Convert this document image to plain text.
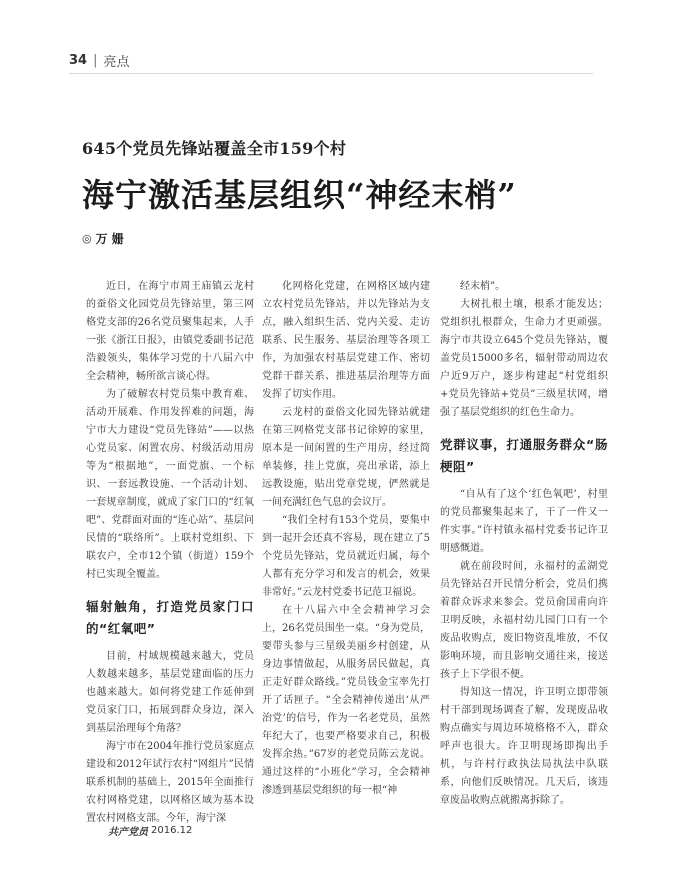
34 | 亮点
645个党员先锋站覆盖全市159个村
海宁激活基层组织“神经末梢”
◎ 万 姗

近日，在海宁市周王庙镇云龙村的蚕俗文化园党员先锋站里，第三网格党支部的26名党员聚集起来，人手一张《浙江日报》，由镇党委副书记范浩毅领头，集体学习党的十八届六中全会精神，畅所欲言谈心得。

为了破解农村党员集中教育难、活动开展难、作用发挥难的问题，海宁市大力建设“党员先锋站”——以热心党员家、闲置农房、村级活动用房等为“根据地”，一面党旗、一个标识、一套远教设施、一个活动计划、一套规章制度，就成了家门口的“红氧吧”、党群面对面的“连心站”、基层问民情的“联络所”。上联村党组织、下联农户，全市12个镇（街道）159个村已实现全覆盖。

辐射触角，打造党员家门口的“红氧吧”

目前，村域规模越来越大，党员人数越来越多，基层党建面临的压力也越来越大。如何将党建工作延伸到党员家门口，拓展到群众身边，深入到基层治理每个角落？

海宁市在2004年推行党员家庭点建设和2012年试行农村“网组片”民情联系机制的基础上，2015年全面推行农村网格党建，以网格区域为基本设置农村网格支部。今年，海宁深

化网格化党建，在网格区域内建立农村党员先锋站，并以先锋站为支点，融入组织生活、党内关爱、走访联系、民生服务、基层治理等各项工作，为加强农村基层党建工作、密切党群干群关系、推进基层治理等方面发挥了切实作用。

云龙村的蚕俗文化园先锋站就建在第三网格党支部书记徐婷的家里，原本是一间闲置的生产用房，经过简单装修，挂上党旗，亮出承诺，添上远教设施，贴出党章党规，俨然就是一间充满红色气息的会议厅。

“我们全村有153个党员，要集中到一起开会还真不容易，现在建立了5个党员先锋站，党员就近归属，每个人都有充分学习和发言的机会，效果非常好。”云龙村党委书记范卫福说。

在十八届六中全会精神学习会上，26名党员围坐一桌。“身为党员，要带头参与三星级美丽乡村创建，从身边事情做起，从服务居民做起，真正走好群众路线。”党员钱金宝率先打开了话匣子。“全会精神传递出‘从严治党’的信号，作为一名老党员，虽然年纪大了，也要严格要求自己，积极发挥余热。”67岁的老党员陈云龙说。通过这样的“小班化”学习，全会精神渗透到基层党组织的每一根“神

经末梢”。

大树扎根土壤，根系才能发达；党组织扎根群众，生命力才更顽强。海宁市共设立645个党员先锋站，覆盖党员15000多名，辐射带动周边农户近9万户，逐步构建起“村党组织+党员先锋站+党员”三级星状网，增强了基层党组织的红色生命力。

党群议事，打通服务群众“肠梗阻”

“自从有了这个‘红色氧吧’，村里的党员都聚集起来了，干了一件又一件实事。”许村镇永福村党委书记许卫明感慨道。

就在前段时间，永福村的孟湖党员先锋站召开民情分析会，党员们携着群众诉求来参会。党员俞国甫向许卫明反映，永福村幼儿园门口有一个废品收购点，废旧物资乱堆放，不仅影响环境，而且影响交通往来，接送孩子上下学很不便。

得知这一情况，许卫明立即带领村干部到现场调查了解，发现废品收购点确实与周边环境格格不入，群众呼声也很大。许卫明现场即掏出手机，与许村行政执法局执法中队联系，向他们反映情况。几天后，该违章废品收购点就搬离拆除了。

共产党员 2016.12
